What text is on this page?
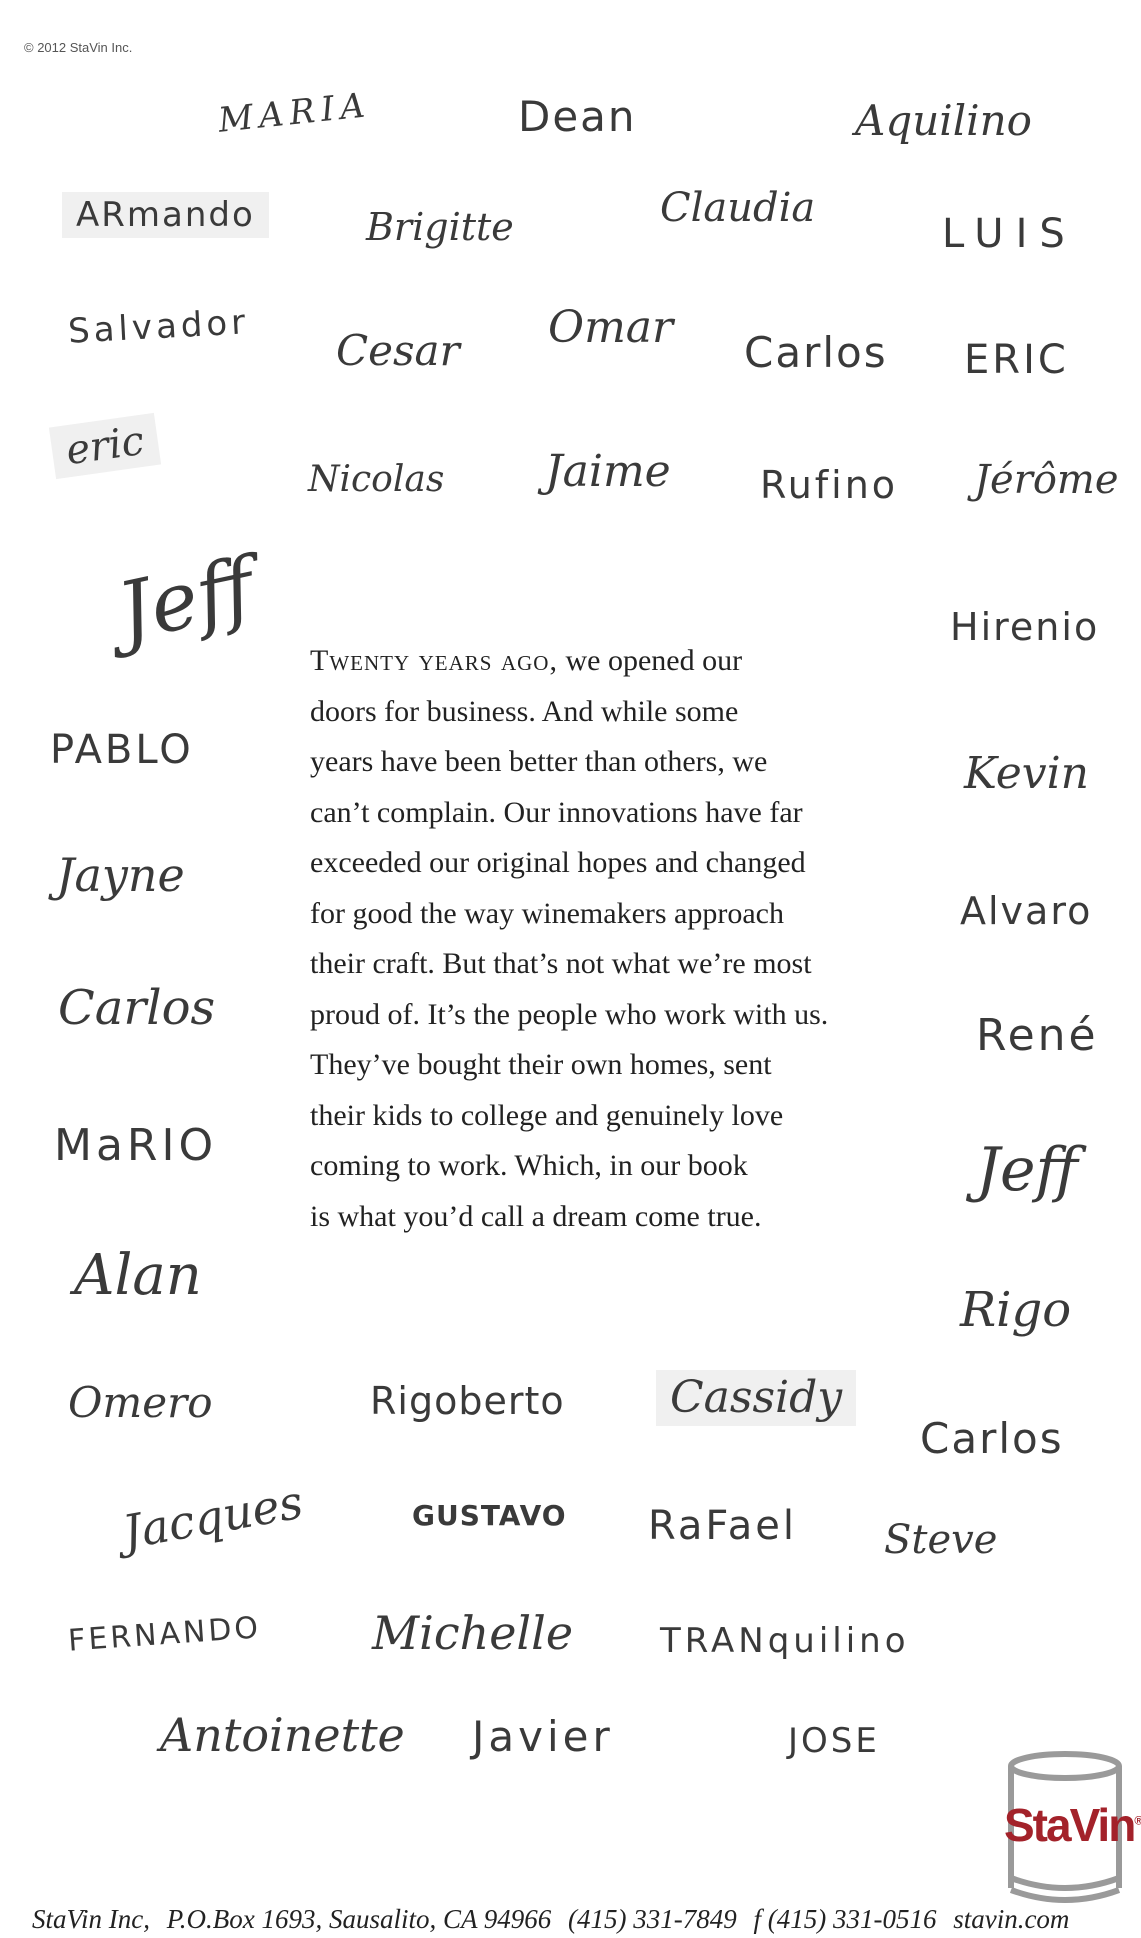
© 2012 StaVin Inc.
MARIA	Dean	Aquilino
ARmando	Brigitte	Claudia
LUIS
Salvador Cesar Omar Carlos ERIC
eric
Nicolas Jaime Rufino Jérôme
Jeff	Hirenio
PABLO	Kevin
Jayne
Alvaro
Carlos	René
MaRIO	Jeff
Alan
Rigo
Omero	Rigoberto	Cassidy
Carlos
Jacques	GUSTAVO RaFael Steve
FERNANDO Michelle	TRANquilino
Antoinette Javier	JOSE

Twenty years ago, we opened our
doors for business. And while some
years have been better than others, we
can’t complain. Our innovations have far
exceeded our original hopes and changed
for good the way winemakers approach
their craft. But that’s not what we’re most
proud of. It’s the people who work with us.
They’ve bought their own homes, sent
their kids to college and genuinely love
coming to work. Which, in our book
is what you’d call a dream come true.

StaVin®
StaVin Inc, P.O.Box 1693, Sausalito, CA 94966 (415) 331-7849 f (415) 331-0516 stavin.com
